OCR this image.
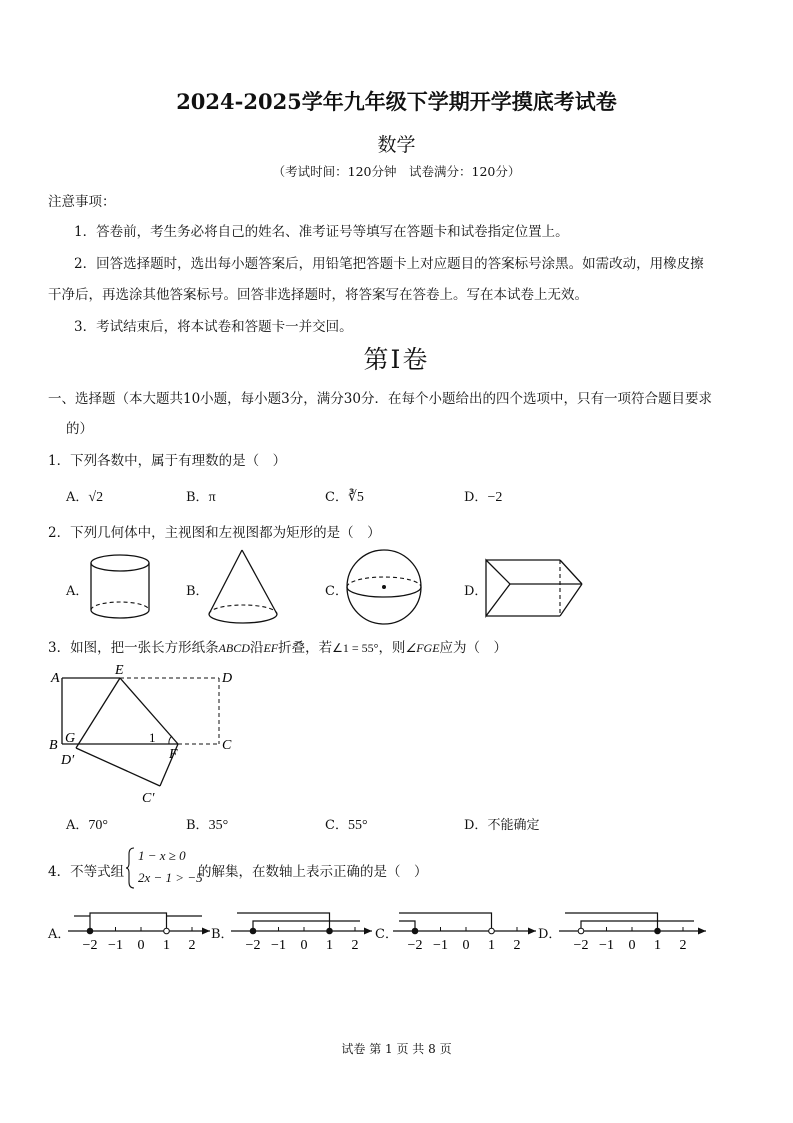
2024-2025学年九年级下学期开学摸底考试卷
数学
（考试时间：120分钟　试卷满分：120分）
注意事项：
1．答卷前，考生务必将自己的姓名、准考证号等填写在答题卡和试卷指定位置上。
2．回答选择题时，选出每小题答案后，用铅笔把答题卡上对应题目的答案标号涂黑。如需改动，用橡皮擦
干净后，再选涂其他答案标号。回答非选择题时，将答案写在答卷上。写在本试卷上无效。
3．考试结束后，将本试卷和答题卡一并交回。
第Ⅰ卷
一、选择题（本大题共10小题，每小题3分，满分30分．在每个小题给出的四个选项中，只有一项符合题目要求
的）
1．下列各数中，属于有理数的是（　）
A．√2	B．π	C．∛5	D．−2
2．下列几何体中，主视图和左视图都为矩形的是（　）
A．	B．	C．	D．
3．如图，把一张长方形纸条ABCD沿EF折叠，若∠1 = 55°，则∠FGE应为（　）
A
E
D
B G	1
F
C
D′
C′
A．70°	B．35°	C．55°	D．不能确定
4．不等式组
1 − x ≥ 0
2x − 1 > −5
的解集，在数轴上表示正确的是（　）
A．	B．	C．	D．
−2 −1 0 1 2	−2 −1 0 1 2	−2 −1 0 1 2	−2 −1 0 1 2
试卷 第 1 页 共 8 页
